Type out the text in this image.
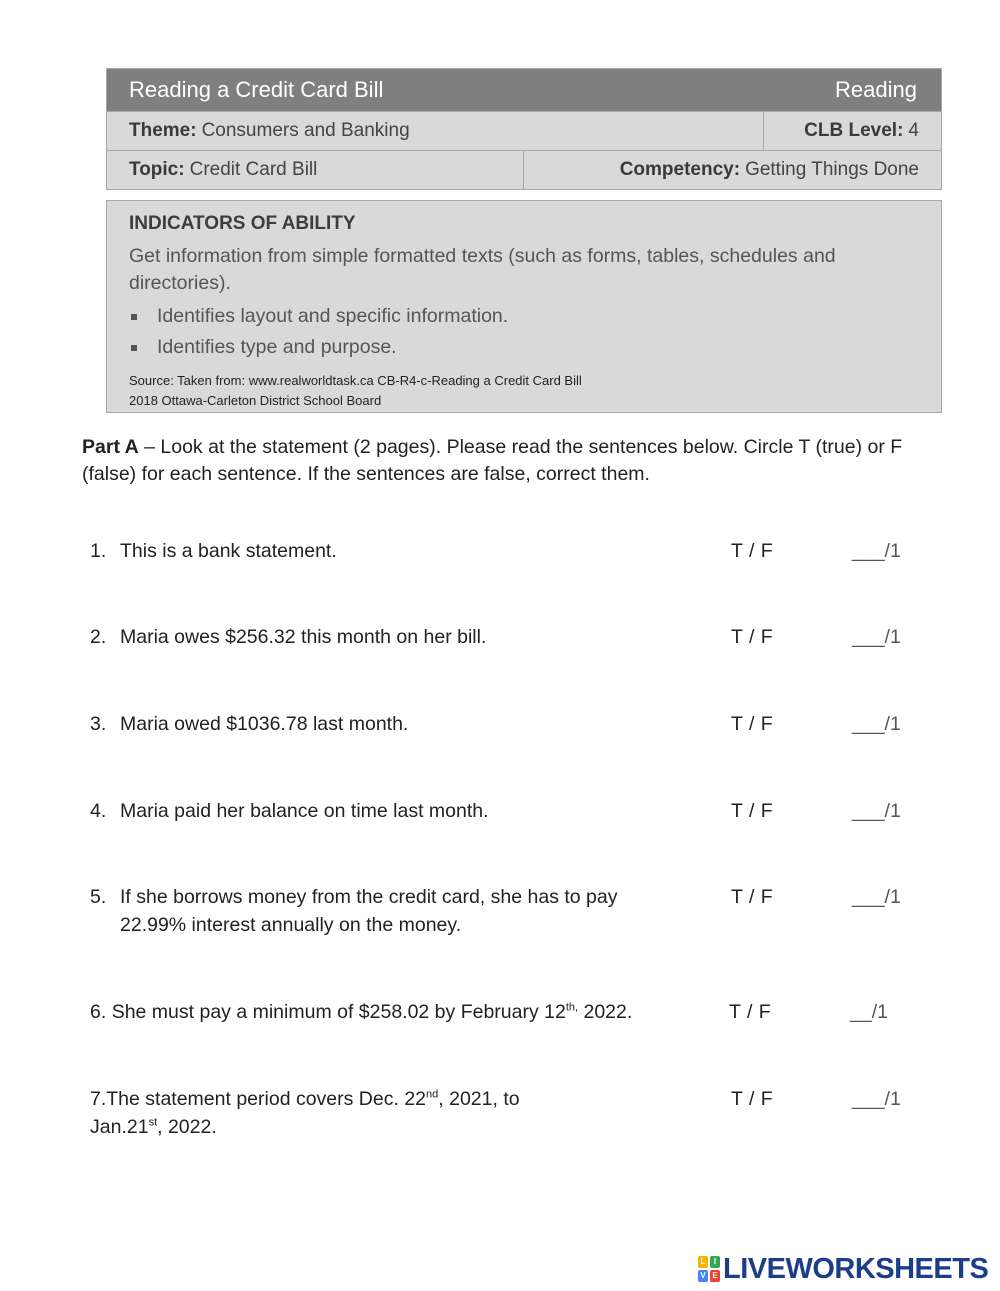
Reading a Credit Card Bill	Reading
Theme: Consumers and Banking	CLB Level: 4
Topic: Credit Card Bill	Competency: Getting Things Done
INDICATORS OF ABILITY
Get information from simple formatted texts (such as forms, tables, schedules and directories).
Identifies layout and specific information.
Identifies type and purpose.
Source: Taken from: www.realworldtask.ca CB-R4-c-Reading a Credit Card Bill
2018 Ottawa-Carleton District School Board
Part A – Look at the statement (2 pages). Please read the sentences below. Circle T (true) or F (false) for each sentence. If the sentences are false, correct them.
1. This is a bank statement.	T / F	___/1
2. Maria owes $256.32 this month on her bill.	T / F	___/1
3. Maria owed $1036.78 last month.	T / F	___/1
4. Maria paid her balance on time last month.	T / F	___/1
5. If she borrows money from the credit card, she has to pay
22.99% interest annually on the money.
T / F	___/1
6. She must pay a minimum of $258.02 by February $12^{th,}$ 2022.	T / F	__/1
7.The statement period covers Dec. 22nd, 2021, to
Jan.21st, 2022.
T / F	___/1
L	I
V E LIVEWORKSHEETS
